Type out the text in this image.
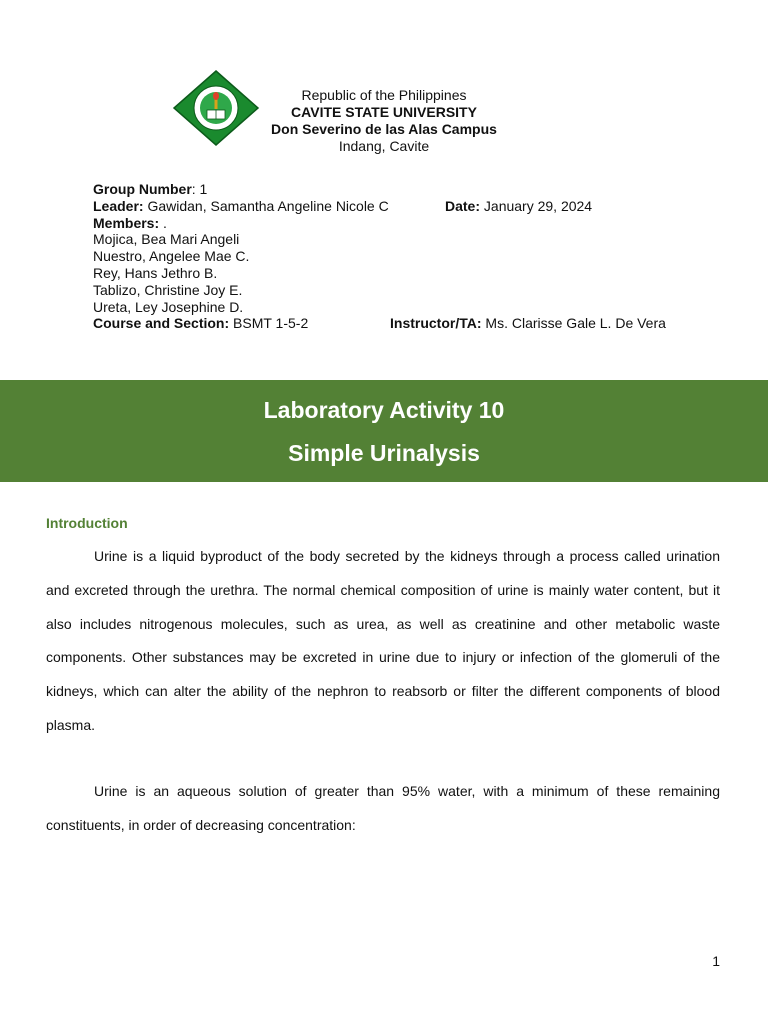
Republic of the Philippines

CAVITE STATE UNIVERSITY

Don Severino de las Alas Campus

Indang, Cavite

Group Number: 1
Leader: Gawidan, Samantha Angeline Nicole C	Date: January 29, 2024
Members: .
Mojica, Bea Mari Angeli
Nuestro, Angelee Mae C.
Rey, Hans Jethro B.
Tablizo, Christine Joy E.
Ureta, Ley Josephine D.
Course and Section: BSMT 1-5-2	Instructor/TA: Ms. Clarisse Gale L. De Vera
Laboratory Activity 10
Simple Urinalysis
Introduction

Urine is a liquid byproduct of the body secreted by the kidneys through a process called urination and excreted through the urethra. The normal chemical composition of urine is mainly water content, but it also includes nitrogenous molecules, such as urea, as well as creatinine and other metabolic waste components. Other substances may be excreted in urine due to injury or infection of the glomeruli of the kidneys, which can alter the ability of the nephron to reabsorb or filter the different components of blood plasma.

Urine is an aqueous solution of greater than 95% water, with a minimum of these remaining constituents, in order of decreasing concentration:

1
